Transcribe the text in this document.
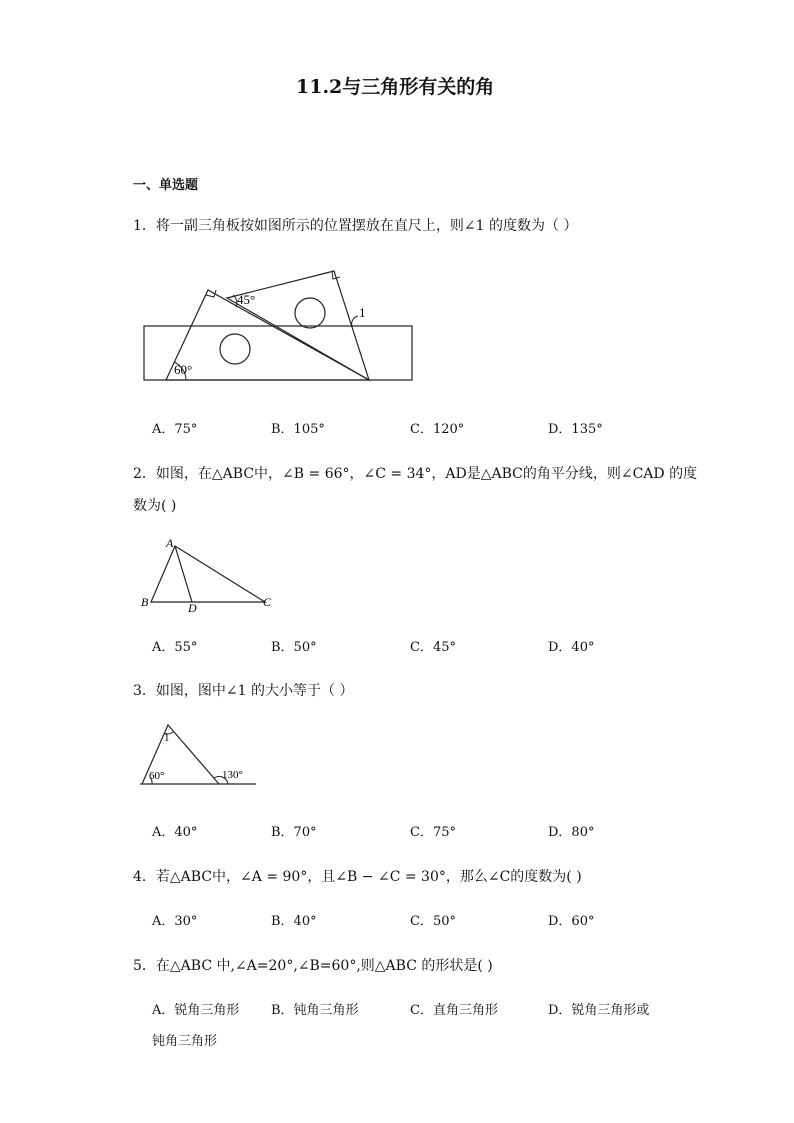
11.2与三角形有关的角
一、单选题
1．将一副三角板按如图所示的位置摆放在直尺上，则∠1 的度数为（ ）
45°
60°
1
A．75°	B．105°	C．120°	D．135°
2．如图，在△ABC中，∠B = 66°，∠C = 34°，AD是△ABC的角平分线，则∠CAD 的度
数为( )
A
B	D	C
A．55°	B．50°	C．45°	D．40°
3．如图，图中∠1 的大小等于（ ）
1
60°	130°
A．40°	B．70°	C．75°	D．80°
4．若△ABC中，∠A = 90°，且∠B − ∠C = 30°，那么∠C的度数为( )
A．30°	B．40°	C．50°	D．60°
5．在△ABC 中,∠A=20°,∠B=60°,则△ABC 的形状是( )
A．锐角三角形 B．钝角三角形	C．直角三角形	D．锐角三角形或
钝角三角形
